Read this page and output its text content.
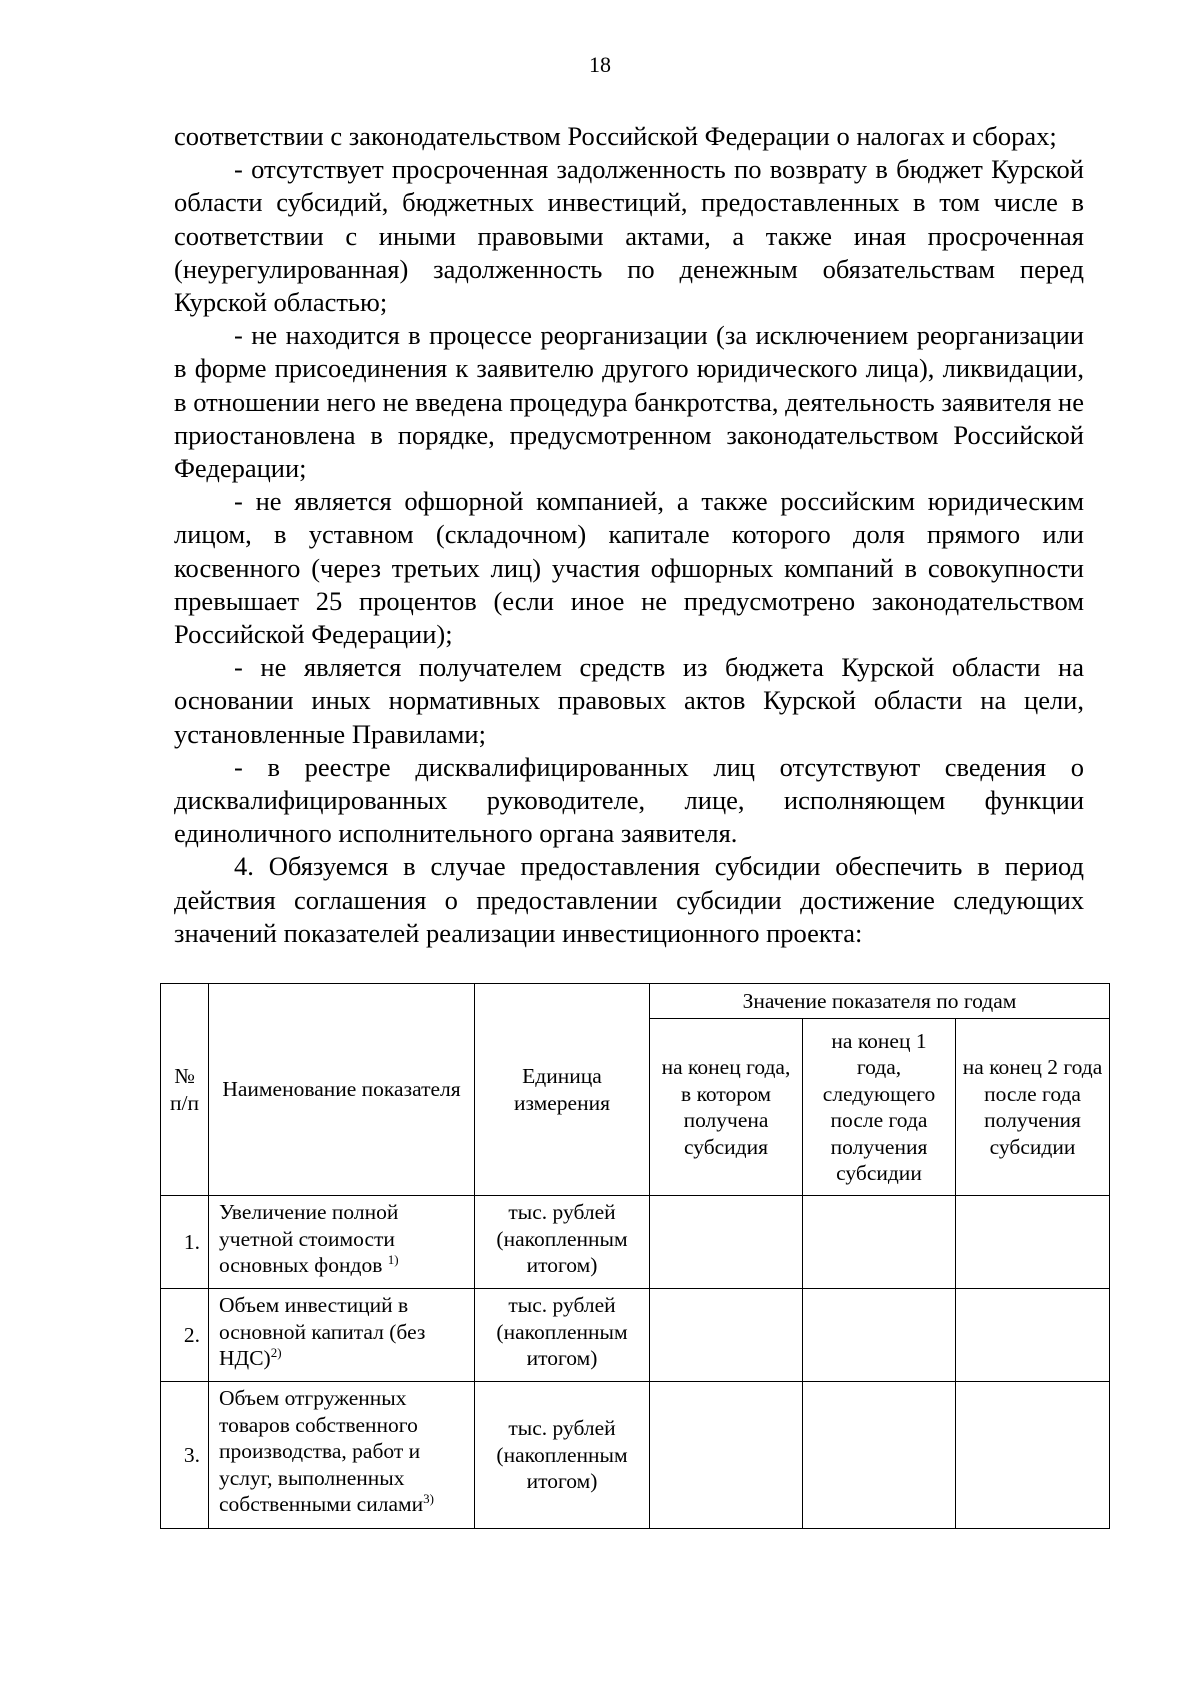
18

соответствии с законодательством Российской Федерации о налогах и сборах;

- отсутствует просроченная задолженность по возврату в бюджет Курской области субсидий, бюджетных инвестиций, предоставленных в том числе в соответствии с иными правовыми актами, а также иная просроченная (неурегулированная) задолженность по денежным обязательствам перед Курской областью;

- не находится в процессе реорганизации (за исключением реорганизации в форме присоединения к заявителю другого юридического лица), ликвидации, в отношении него не введена процедура банкротства, деятельность заявителя не приостановлена в порядке, предусмотренном законодательством Российской Федерации;

- не является офшорной компанией, а также российским юридическим лицом, в уставном (складочном) капитале которого доля прямого или косвенного (через третьих лиц) участия офшорных компаний в совокупности превышает 25 процентов (если иное не предусмотрено законодательством Российской Федерации);

- не является получателем средств из бюджета Курской области на основании иных нормативных правовых актов Курской области на цели, установленные Правилами;

- в реестре дисквалифицированных лиц отсутствуют сведения о дисквалифицированных руководителе, лице, исполняющем функции единоличного исполнительного органа заявителя.

4. Обязуемся в случае предоставления субсидии обеспечить в период действия соглашения о предоставлении субсидии достижение следующих значений показателей реализации инвестиционного проекта:

№ п/п	Наименование показателя	Единица измерения	Значение показателя по годам		
			на конец года, в котором получена субсидия	на конец 1 года, следующего после года получения субсидии	на конец 2 года после года получения субсидии
1.	Увеличение полной учетной стоимости основных фондов $^{1)}$	тыс. рублей (накопленным итогом)			
2.	Объем инвестиций в основной капитал (без НДС)$^{2)}$	тыс. рублей (накопленным итогом)			
3.	Объем отгруженных товаров собственного производства, работ и услуг, выполненных собственными силами$^{3)}$	тыс. рублей (накопленным итогом)			
